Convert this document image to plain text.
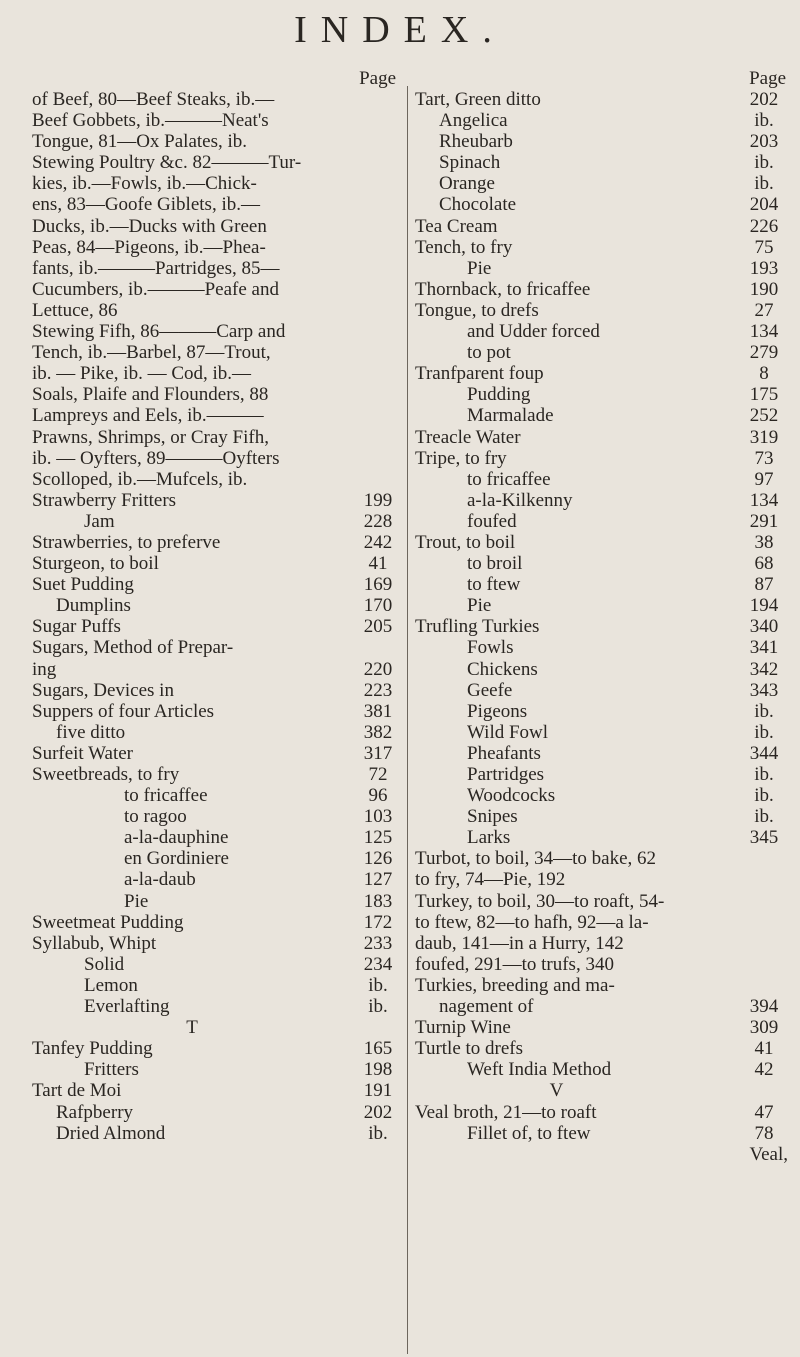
INDEX.
Page
of Beef, 80—Beef Steaks, ib.—
Beef Gobbets, ib.———Neat's
Tongue, 81—Ox Palates, ib.
Stewing Poultry &c. 82———Tur-
kies, ib.—Fowls, ib.—Chick-
ens, 83—Goofe Giblets, ib.—
Ducks, ib.—Ducks with Green
Peas, 84—Pigeons, ib.—Phea-
fants, ib.———Partridges, 85—
Cucumbers, ib.———Peafe and
Lettuce, 86
Stewing Fifh, 86———Carp and
Tench, ib.—Barbel, 87—Trout,
ib. — Pike, ib. — Cod, ib.—
Soals, Plaife and Flounders, 88
Lampreys and Eels, ib.———
Prawns, Shrimps, or Cray Fifh,
ib. — Oyfters, 89———Oyfters
Scolloped, ib.—Mufcels, ib.
Strawberry Fritters	199
Jam	228
Strawberries, to preferve	242
Sturgeon, to boil	41
Suet Pudding	169
Dumplins	170
Sugar Puffs	205
Sugars, Method of Prepar-
ing	220
Sugars, Devices in	223
Suppers of four Articles	381
five ditto	382
Surfeit Water	317
Sweetbreads, to fry	72
to fricaffee	96
to ragoo	103
a-la-dauphine	125
en Gordiniere	126
a-la-daub	127
Pie	183
Sweetmeat Pudding	172
Syllabub, Whipt	233
Solid	234
Lemon	ib.
Everlafting	ib.
T
Tanfey Pudding	165
Fritters	198
Tart de Moi	191
Rafpberry	202
Dried Almond	ib.
Page
Tart, Green ditto	202
Angelica	ib.
Rheubarb	203
Spinach	ib.
Orange	ib.
Chocolate	204
Tea Cream	226
Tench, to fry	75
Pie	193
Thornback, to fricaffee	190
Tongue, to drefs	27
and Udder forced	134
to pot	279
Tranfparent foup	8
Pudding	175
Marmalade	252
Treacle Water	319
Tripe, to fry	73
to fricaffee	97
a-la-Kilkenny	134
foufed	291
Trout, to boil	38
to broil	68
to ftew	87
Pie	194
Trufling Turkies	340
Fowls	341
Chickens	342
Geefe	343
Pigeons	ib.
Wild Fowl	ib.
Pheafants	344
Partridges	ib.
Woodcocks	ib.
Snipes	ib.
Larks	345
Turbot, to boil, 34—to bake, 62
to fry, 74—Pie, 192
Turkey, to boil, 30—to roaft, 54-
to ftew, 82—to hafh, 92—a la-
daub, 141—in a Hurry, 142
foufed, 291—to trufs, 340
Turkies, breeding and ma-
nagement of	394
Turnip Wine	309
Turtle to drefs	41
Weft India Method	42
V
Veal broth, 21—to roaft	47
Fillet of, to ftew	78
Veal,
